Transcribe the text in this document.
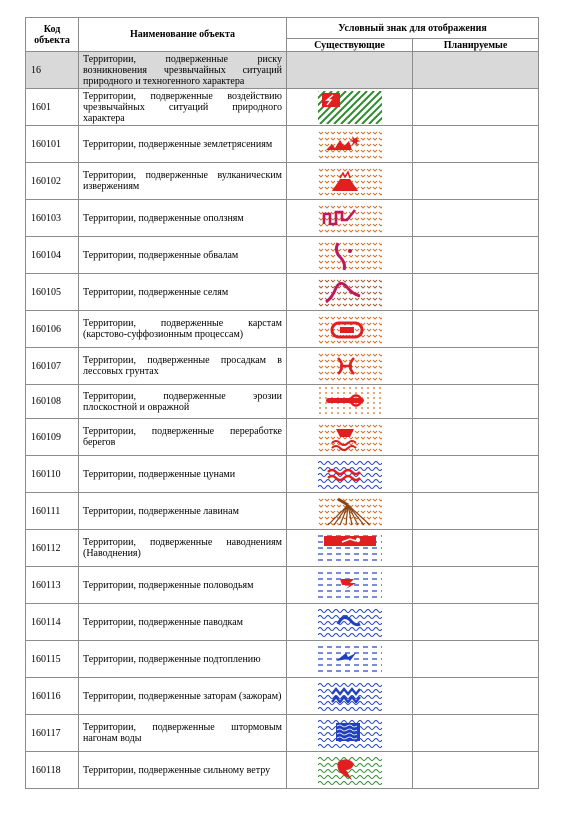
Код объекта	Наименование объекта	Условный знак для отображения	
		Существующие	Планируемые
16	Территории, подверженные риску возникновения чрезвычайных ситуаций природного и техногенного характера		
1601	Территории, подверженные воздействию чрезвычайных ситуаций природного характера	

160101	Территории, подверженные землетрясениям	

160102	Территории, подверженные вулканическим извержениям	

160103	Территории, подверженные оползням	

160104	Территории, подверженные обвалам	

160105	Территории, подверженные селям	

160106	Территории, подверженные карстам (карстово-суффозионным процессам)	

160107	Территории, подверженные просадкам в лессовых грунтах	

160108	Территории, подверженные эрозии плоскостной и овражной	

160109	Территории, подверженные переработке берегов	

160110	Территории, подверженные цунами	

160111	Территории, подверженные лавинам	

160112	Территории, подверженные наводнениям (Наводнения)	

160113	Территории, подверженные половодьям	

160114	Территории, подверженные паводкам	

160115	Территории, подверженные подтоплению	

160116	Территории, подверженные заторам (зажорам)	

160117	Территории, подверженные штормовым нагонам воды	

160118	Территории, подверженные сильному ветру	
